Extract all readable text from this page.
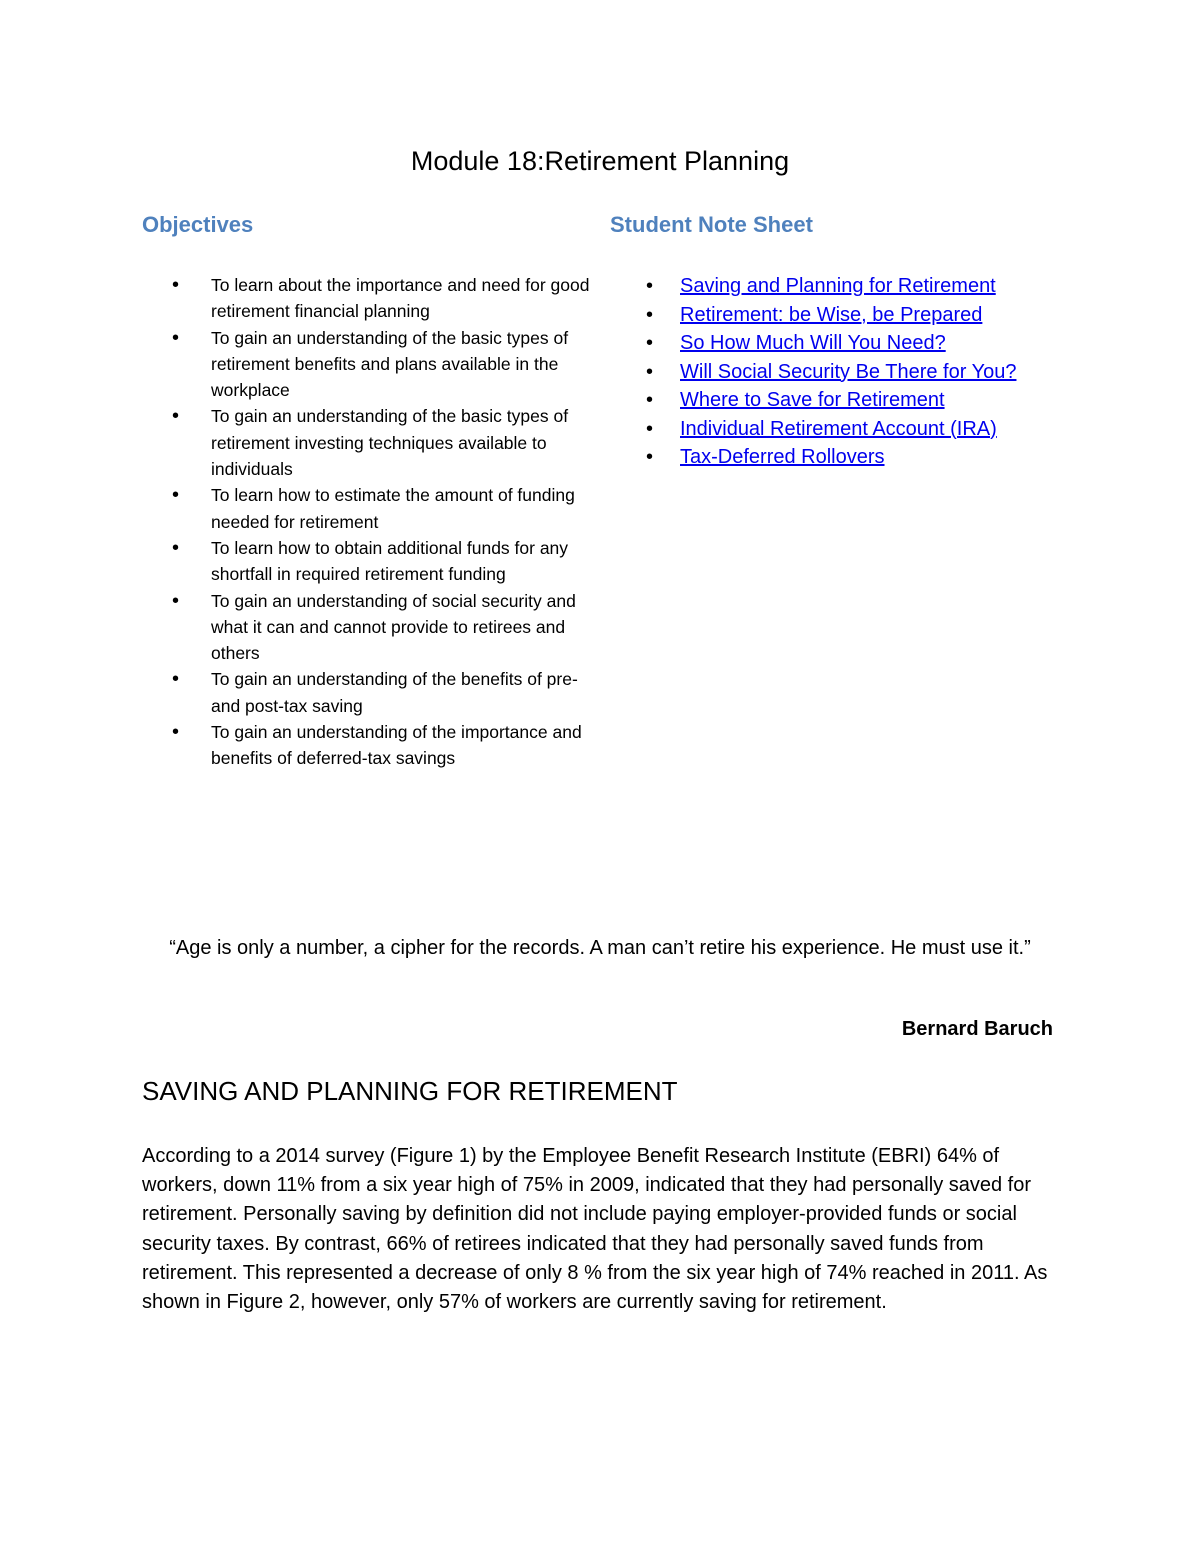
Module 18:Retirement Planning
Objectives
• To learn about the importance and need for good retirement financial planning
• To gain an understanding of the basic types of retirement benefits and plans available in the workplace
• To gain an understanding of the basic types of retirement investing techniques available to individuals
• To learn how to estimate the amount of funding needed for retirement
• To learn how to obtain additional funds for any shortfall in required retirement funding
• To gain an understanding of social security and what it can and cannot provide to retirees and others
• To gain an understanding of the benefits of pre- and post-tax saving
• To gain an understanding of the importance and benefits of deferred-tax savings
Student Note Sheet
• Saving and Planning for Retirement
• Retirement: be Wise, be Prepared
• So How Much Will You Need?
• Will Social Security Be There for You?
• Where to Save for Retirement
• Individual Retirement Account (IRA)
• Tax-Deferred Rollovers

“Age is only a number, a cipher for the records. A man can’t retire his experience. He must use it.”

Bernard Baruch

SAVING AND PLANNING FOR RETIREMENT

According to a 2014 survey (Figure 1) by the Employee Benefit Research Institute (EBRI) 64% of workers, down 11% from a six year high of 75% in 2009, indicated that they had personally saved for retirement. Personally saving by definition did not include paying employer-provided funds or social security taxes. By contrast, 66% of retirees indicated that they had personally saved funds from retirement. This represented a decrease of only 8 % from the six year high of 74% reached in 2011. As shown in Figure 2, however, only 57% of workers are currently saving for retirement.
